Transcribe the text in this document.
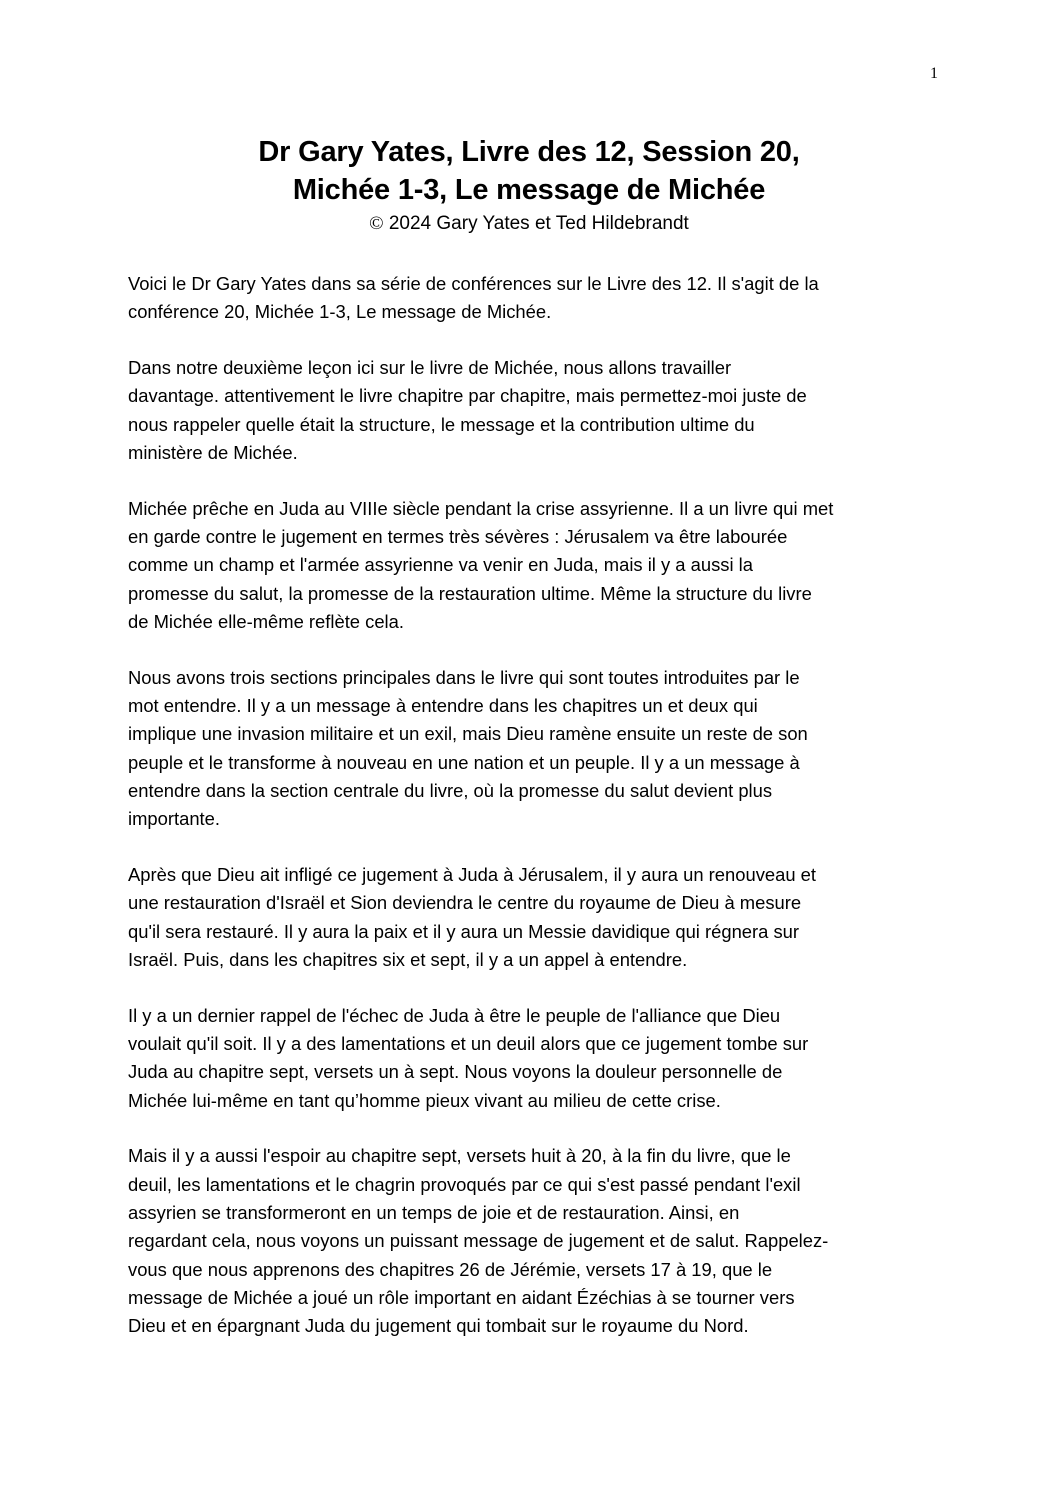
1
Dr Gary Yates, Livre des 12, Session 20,
Michée 1-3, Le message de Michée
© 2024 Gary Yates et Ted Hildebrandt

Voici le Dr Gary Yates dans sa série de conférences sur le Livre des 12. Il s'agit de la
conférence 20, Michée 1-3, Le message de Michée.

Dans notre deuxième leçon ici sur le livre de Michée, nous allons travailler
davantage. attentivement le livre chapitre par chapitre, mais permettez-moi juste de
nous rappeler quelle était la structure, le message et la contribution ultime du
ministère de Michée.

Michée prêche en Juda au VIIIe siècle pendant la crise assyrienne. Il a un livre qui met
en garde contre le jugement en termes très sévères : Jérusalem va être labourée
comme un champ et l'armée assyrienne va venir en Juda, mais il y a aussi la
promesse du salut, la promesse de la restauration ultime. Même la structure du livre
de Michée elle-même reflète cela.

Nous avons trois sections principales dans le livre qui sont toutes introduites par le
mot entendre. Il y a un message à entendre dans les chapitres un et deux qui
implique une invasion militaire et un exil, mais Dieu ramène ensuite un reste de son
peuple et le transforme à nouveau en une nation et un peuple. Il y a un message à
entendre dans la section centrale du livre, où la promesse du salut devient plus
importante.

Après que Dieu ait infligé ce jugement à Juda à Jérusalem, il y aura un renouveau et
une restauration d'Israël et Sion deviendra le centre du royaume de Dieu à mesure
qu'il sera restauré. Il y aura la paix et il y aura un Messie davidique qui régnera sur
Israël. Puis, dans les chapitres six et sept, il y a un appel à entendre.

Il y a un dernier rappel de l'échec de Juda à être le peuple de l'alliance que Dieu
voulait qu'il soit. Il y a des lamentations et un deuil alors que ce jugement tombe sur
Juda au chapitre sept, versets un à sept. Nous voyons la douleur personnelle de
Michée lui-même en tant qu’homme pieux vivant au milieu de cette crise.

Mais il y a aussi l'espoir au chapitre sept, versets huit à 20, à la fin du livre, que le
deuil, les lamentations et le chagrin provoqués par ce qui s'est passé pendant l'exil
assyrien se transformeront en un temps de joie et de restauration. Ainsi, en
regardant cela, nous voyons un puissant message de jugement et de salut. Rappelez-
vous que nous apprenons des chapitres 26 de Jérémie, versets 17 à 19, que le
message de Michée a joué un rôle important en aidant Ézéchias à se tourner vers
Dieu et en épargnant Juda du jugement qui tombait sur le royaume du Nord.
